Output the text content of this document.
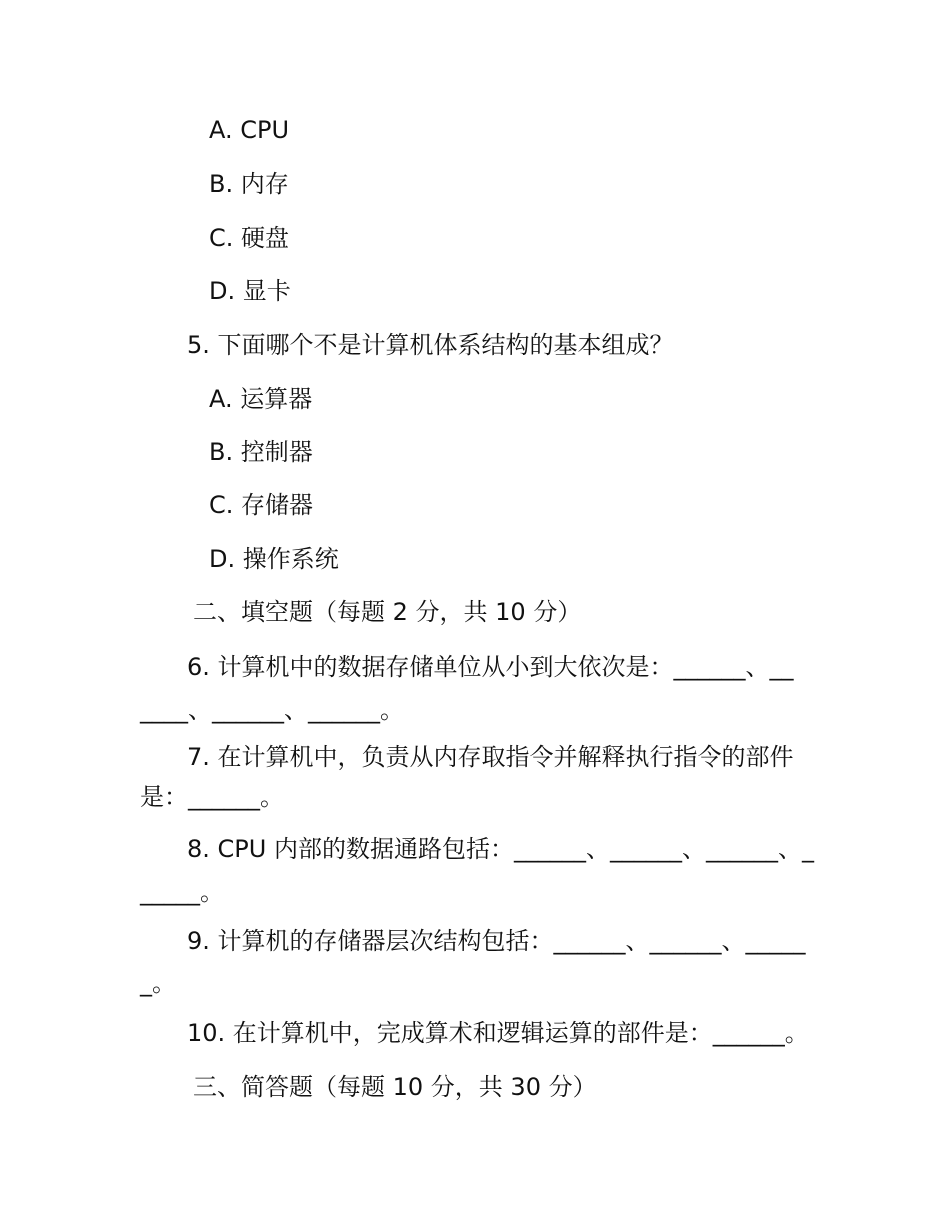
A. CPU
B. 内存
C. 硬盘
D. 显卡
5. 下面哪个不是计算机体系结构的基本组成？
A. 运算器
B. 控制器
C. 存储器
D. 操作系统
二、填空题（每题 2 分，共 10 分）
6. 计算机中的数据存储单位从小到大依次是：______、__
____、______、______。
7. 在计算机中，负责从内存取指令并解释执行指令的部件
是：______。
8. CPU 内部的数据通路包括：______、______、______、_
_____。
9. 计算机的存储器层次结构包括：______、______、_____
_。
10. 在计算机中，完成算术和逻辑运算的部件是：______。
三、简答题（每题 10 分，共 30 分）
